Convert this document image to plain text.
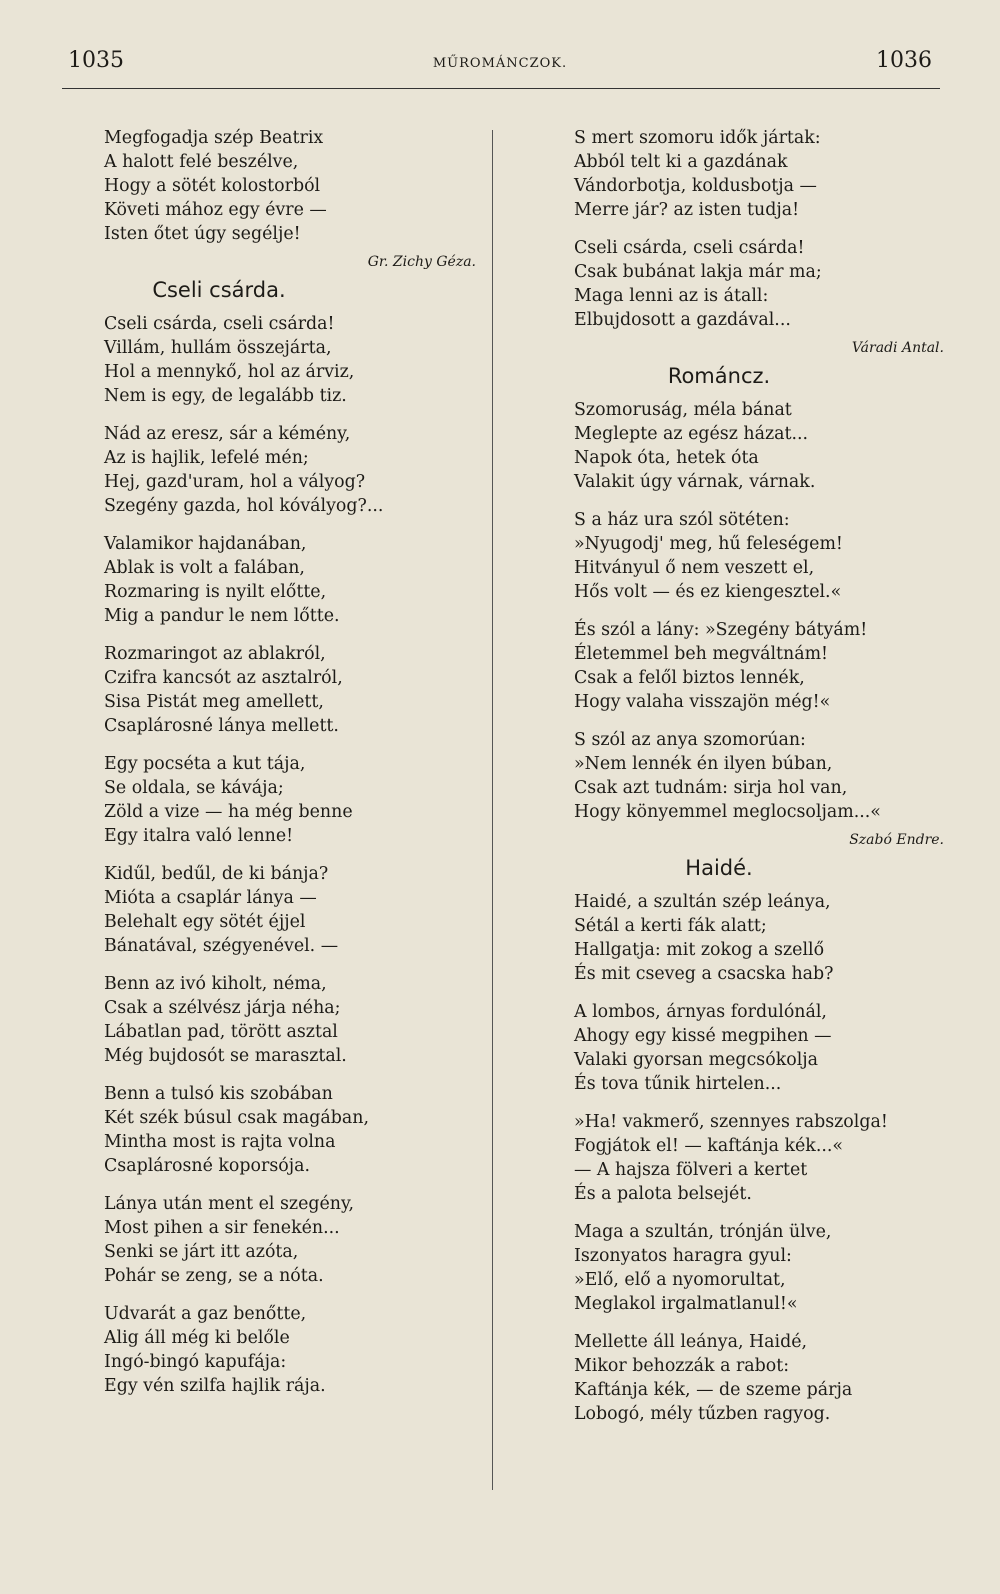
1035	MŰROMÁNCZOK.	1036
Megfogadja szép Beatrix
A halott felé beszélve,
Hogy a sötét kolostorból
Követi mához egy évre —
Isten őtet úgy segélje!
Gr. Zichy Géza.
Cseli csárda.
Cseli csárda, cseli csárda!
Villám, hullám összejárta,
Hol a mennykő, hol az árviz,
Nem is egy, de legalább tiz.
Nád az eresz, sár a kémény,
Az is hajlik, lefelé mén;
Hej, gazd'uram, hol a vályog?
Szegény gazda, hol kóvályog?...
Valamikor hajdanában,
Ablak is volt a falában,
Rozmaring is nyilt előtte,
Mig a pandur le nem lőtte.
Rozmaringot az ablakról,
Czifra kancsót az asztalról,
Sisa Pistát meg amellett,
Csaplárosné lánya mellett.
Egy pocséta a kut tája,
Se oldala, se kávája;
Zöld a vize — ha még benne
Egy italra való lenne!
Kidűl, bedűl, de ki bánja?
Mióta a csaplár lánya —
Belehalt egy sötét éjjel
Bánatával, szégyenével. —
Benn az ivó kiholt, néma,
Csak a szélvész járja néha;
Lábatlan pad, törött asztal
Még bujdosót se marasztal.
Benn a tulsó kis szobában
Két szék búsul csak magában,
Mintha most is rajta volna
Csaplárosné koporsója.
Lánya után ment el szegény,
Most pihen a sir fenekén...
Senki se járt itt azóta,
Pohár se zeng, se a nóta.
Udvarát a gaz benőtte,
Alig áll még ki belőle
Ingó-bingó kapufája:
Egy vén szilfa hajlik rája.
S mert szomoru idők jártak:
Abból telt ki a gazdának
Vándorbotja, koldusbotja —
Merre jár? az isten tudja!
Cseli csárda, cseli csárda!
Csak bubánat lakja már ma;
Maga lenni az is átall:
Elbujdosott a gazdával...
Váradi Antal.
Románcz.
Szomoruság, méla bánat
Meglepte az egész házat...
Napok óta, hetek óta
Valakit úgy várnak, várnak.
S a ház ura szól sötéten:
»Nyugodj' meg, hű feleségem!
Hitványul ő nem veszett el,
Hős volt — és ez kiengesztel.«
És szól a lány: »Szegény bátyám!
Életemmel beh megváltnám!
Csak a felől biztos lennék,
Hogy valaha visszajön még!«
S szól az anya szomorúan:
»Nem lennék én ilyen búban,
Csak azt tudnám: sirja hol van,
Hogy könyemmel meglocsoljam...«
Szabó Endre.
Haidé.
Haidé, a szultán szép leánya,
Sétál a kerti fák alatt;
Hallgatja: mit zokog a szellő
És mit cseveg a csacska hab?
A lombos, árnyas fordulónál,
Ahogy egy kissé megpihen —
Valaki gyorsan megcsókolja
És tova tűnik hirtelen...
»Ha! vakmerő, szennyes rabszolga!
Fogjátok el! — kaftánja kék...«
— A hajsza fölveri a kertet
És a palota belsejét.
Maga a szultán, trónján ülve,
Iszonyatos haragra gyul:
»Elő, elő a nyomorultat,
Meglakol irgalmatlanul!«
Mellette áll leánya, Haidé,
Mikor behozzák a rabot:
Kaftánja kék, — de szeme párja
Lobogó, mély tűzben ragyog.
